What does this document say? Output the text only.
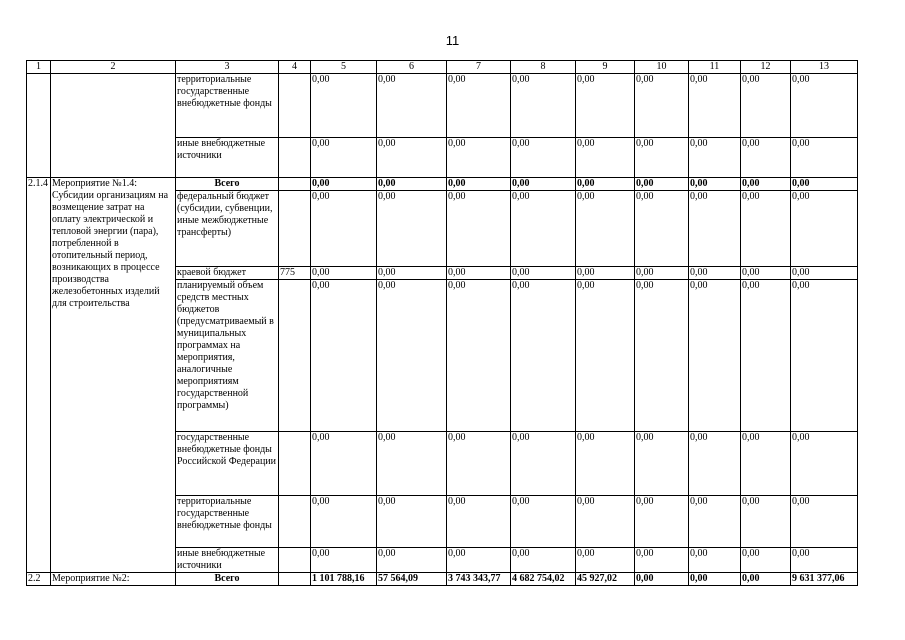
11
1	2	3	4	5	6	7	8	9	10	11	12	13
		территориальные государственные внебюджетные фонды		0,00	0,00	0,00	0,00	0,00	0,00	0,00	0,00	0,00
		иные внебюджетные источники		0,00	0,00	0,00	0,00	0,00	0,00	0,00	0,00	0,00
2.1.4	Мероприятие №1.4: Субсидии организациям на возмещение затрат на оплату электрической и тепловой энергии (пара), потребленной в отопительный период, возникающих в процессе производства железобетонных изделий для строительства	Всего		0,00	0,00	0,00	0,00	0,00	0,00	0,00	0,00	0,00
		федеральный бюджет (субсидии, субвенции, иные межбюджетные трансферты)		0,00	0,00	0,00	0,00	0,00	0,00	0,00	0,00	0,00
		краевой бюджет	775	0,00	0,00	0,00	0,00	0,00	0,00	0,00	0,00	0,00
		планируемый объем средств местных бюджетов (предусматриваемый в муниципальных программах на мероприятия, аналогичные мероприятиям государственной программы)		0,00	0,00	0,00	0,00	0,00	0,00	0,00	0,00	0,00
		государственные внебюджетные фонды Российской Федерации		0,00	0,00	0,00	0,00	0,00	0,00	0,00	0,00	0,00
		территориальные государственные внебюджетные фонды		0,00	0,00	0,00	0,00	0,00	0,00	0,00	0,00	0,00
		иные внебюджетные источники		0,00	0,00	0,00	0,00	0,00	0,00	0,00	0,00	0,00
2.2	Мероприятие №2:	Всего		1 101 788,16	57 564,09	3 743 343,77	4 682 754,02	45 927,02	0,00	0,00	0,00	9 631 377,06
